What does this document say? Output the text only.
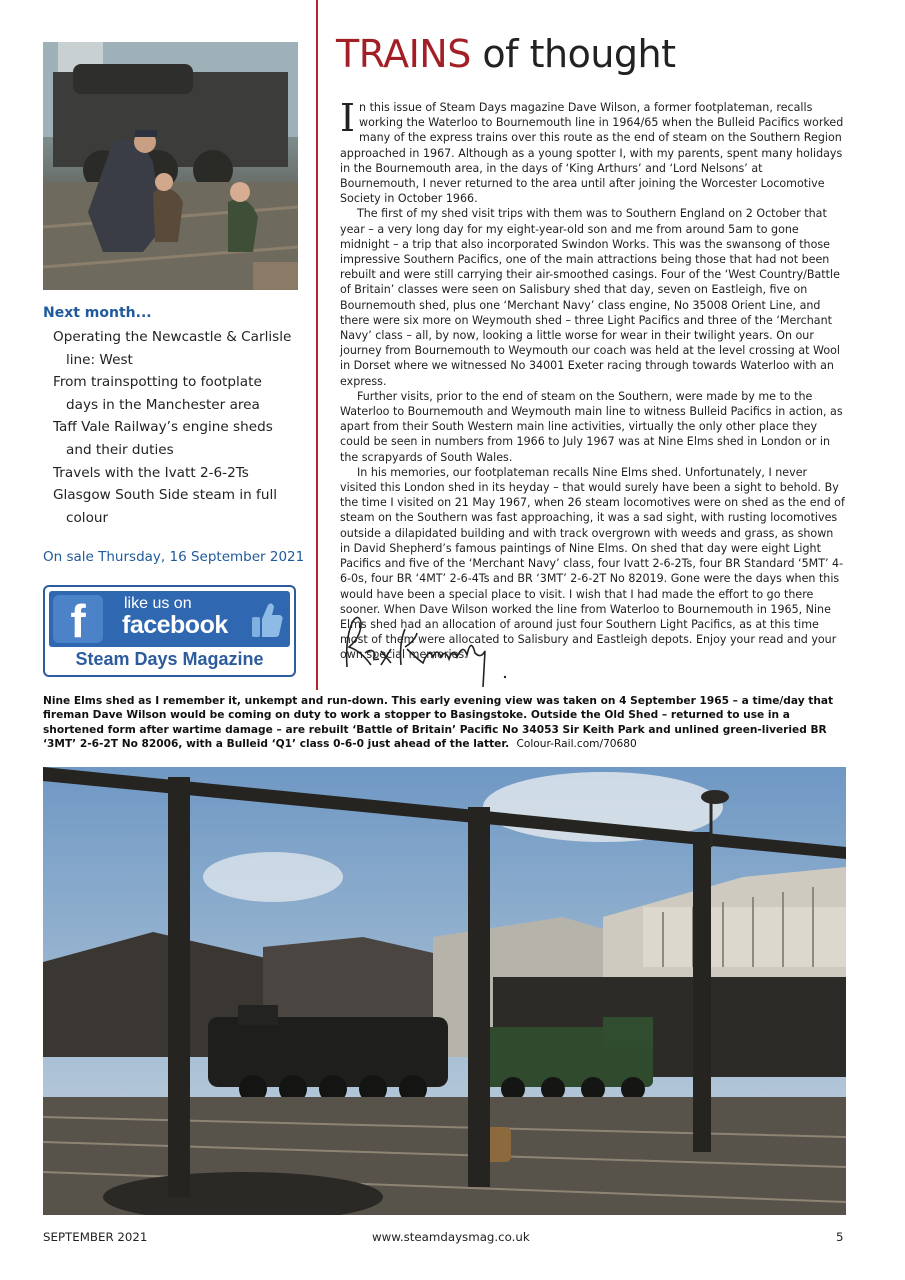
Next month...
Operating the Newcastle & Carlisle line: West
From trainspotting to footplate days in the Manchester area
Taff Vale Railway’s engine sheds and their duties
Travels with the Ivatt 2-6-2Ts
Glasgow South Side steam in full colour

On sale Thursday, 16 September 2021

f	like us on
facebook
Steam Days Magazine
TRAINS of thought

In this issue of Steam Days magazine Dave Wilson, a former footplateman, recalls working the Waterloo to Bournemouth line in 1964/65 when the Bulleid Pacifics worked many of the express trains over this route as the end of steam on the Southern Region approached in 1967. Although as a young spotter I, with my parents, spent many holidays in the Bournemouth area, in the days of ‘King Arthurs’ and ‘Lord Nelsons’ at Bournemouth, I never returned to the area until after joining the Worcester Locomotive Society in October 1966.

The first of my shed visit trips with them was to Southern England on 2 October that year – a very long day for my eight-year-old son and me from around 5am to gone midnight – a trip that also incorporated Swindon Works. This was the swansong of those impressive Southern Pacifics, one of the main attractions being those that had not been rebuilt and were still carrying their air-smoothed casings. Four of the ‘West Country/Battle of Britain’ classes were seen on Salisbury shed that day, seven on Eastleigh, five on Bournemouth shed, plus one ‘Merchant Navy’ class engine, No 35008 Orient Line, and there were six more on Weymouth shed – three Light Pacifics and three of the ‘Merchant Navy’ class – all, by now, looking a little worse for wear in their twilight years. On our journey from Bournemouth to Weymouth our coach was held at the level crossing at Wool in Dorset where we witnessed No 34001 Exeter racing through towards Waterloo with an express.

Further visits, prior to the end of steam on the Southern, were made by me to the Waterloo to Bournemouth and Weymouth main line to witness Bulleid Pacifics in action, as apart from their South Western main line activities, virtually the only other place they could be seen in numbers from 1966 to July 1967 was at Nine Elms shed in London or in the scrapyards of South Wales.

In his memories, our footplateman recalls Nine Elms shed. Unfortunately, I never visited this London shed in its heyday – that would surely have been a sight to behold. By the time I visited on 21 May 1967, when 26 steam locomotives were on shed as the end of steam on the Southern was fast approaching, it was a sad sight, with rusting locomotives outside a dilapidated building and with track overgrown with weeds and grass, as shown in David Shepherd’s famous paintings of Nine Elms. On shed that day were eight Light Pacifics and five of the ‘Merchant Navy’ class, four Ivatt 2-6-2Ts, four BR Standard ‘5MT’ 4-6-0s, four BR ‘4MT’ 2-6-4Ts and BR ‘3MT’ 2-6-2T No 82019. Gone were the days when this would have been a special place to visit. I wish that I had made the effort to go there sooner. When Dave Wilson worked the line from Waterloo to Bournemouth in 1965, Nine Elms shed had an allocation of around just four Southern Light Pacifics, as at this time most of them were allocated to Salisbury and Eastleigh depots. Enjoy your read and your own special memories.

Nine Elms shed as I remember it, unkempt and run-down. This early evening view was taken on 4 September 1965 – a time/day that fireman Dave Wilson would be coming on duty to work a stopper to Basingstoke. Outside the Old Shed – returned to use in a shortened form after wartime damage – are rebuilt ‘Battle of Britain’ Pacific No 34053 Sir Keith Park and unlined green-liveried BR ‘3MT’ 2-6-2T No 82006, with a Bulleid ‘Q1’ class 0-6-0 just ahead of the latter. Colour-Rail.com/70680

SEPTEMBER 2021	www.steamdaysmag.co.uk	5
